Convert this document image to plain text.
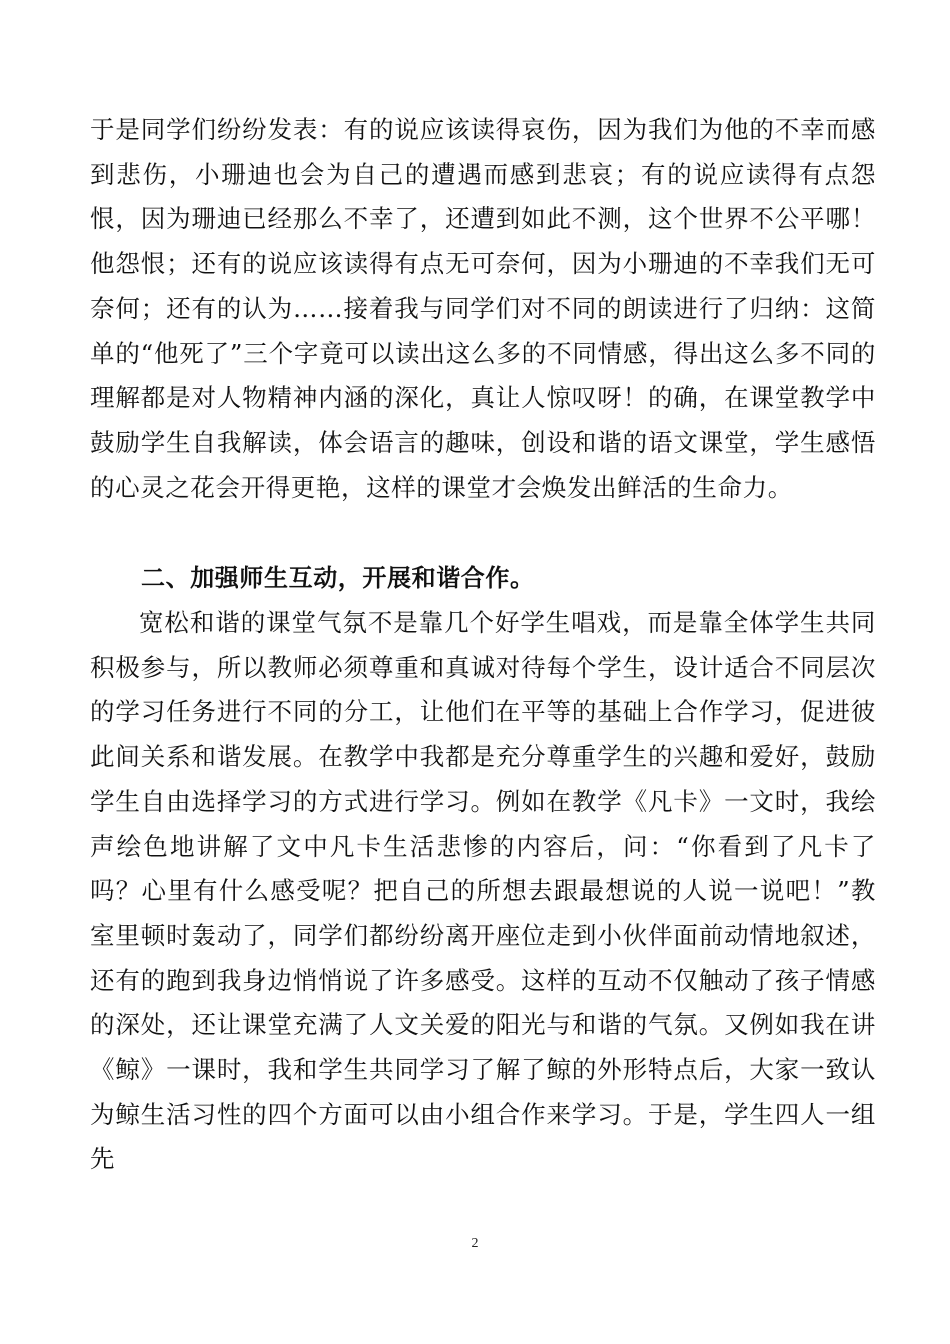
于是同学们纷纷发表：有的说应该读得哀伤，因为我们为他的不幸而感到悲伤，小珊迪也会为自己的遭遇而感到悲哀；有的说应读得有点怨恨，因为珊迪已经那么不幸了，还遭到如此不测，这个世界不公平哪！他怨恨；还有的说应该读得有点无可奈何，因为小珊迪的不幸我们无可奈何；还有的认为……接着我与同学们对不同的朗读进行了归纳：这简单的“他死了”三个字竟可以读出这么多的不同情感，得出这么多不同的理解都是对人物精神内涵的深化，真让人惊叹呀！的确，在课堂教学中鼓励学生自我解读，体会语言的趣味，创设和谐的语文课堂，学生感悟的心灵之花会开得更艳，这样的课堂才会焕发出鲜活的生命力。
二、加强师生互动，开展和谐合作。
宽松和谐的课堂气氛不是靠几个好学生唱戏，而是靠全体学生共同积极参与，所以教师必须尊重和真诚对待每个学生，设计适合不同层次的学习任务进行不同的分工，让他们在平等的基础上合作学习，促进彼此间关系和谐发展。在教学中我都是充分尊重学生的兴趣和爱好，鼓励学生自由选择学习的方式进行学习。例如在教学《凡卡》一文时，我绘声绘色地讲解了文中凡卡生活悲惨的内容后，问：“你看到了凡卡了吗？心里有什么感受呢？把自己的所想去跟最想说的人说一说吧！”教室里顿时轰动了，同学们都纷纷离开座位走到小伙伴面前动情地叙述，还有的跑到我身边悄悄说了许多感受。这样的互动不仅触动了孩子情感的深处，还让课堂充满了人文关爱的阳光与和谐的气氛。又例如我在讲《鲸》一课时，我和学生共同学习了解了鲸的外形特点后，大家一致认为鲸生活习性的四个方面可以由小组合作来学习。于是，学生四人一组先
2
